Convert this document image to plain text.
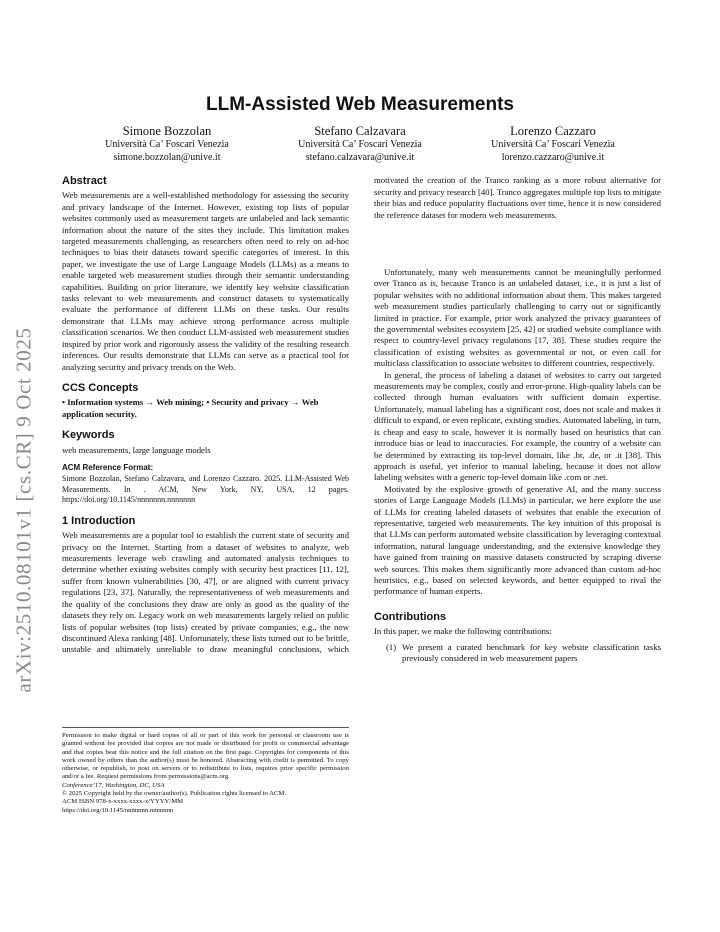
arXiv:2510.08101v1 [cs.CR] 9 Oct 2025
LLM-Assisted Web Measurements
Simone Bozzolan
Università Ca’ Foscari Venezia
simone.bozzolan@unive.it
Stefano Calzavara
Università Ca’ Foscari Venezia
stefano.calzavara@unive.it
Lorenzo Cazzaro
Università Ca’ Foscari Venezia
lorenzo.cazzaro@unive.it
Abstract

Web measurements are a well-established methodology for assessing the security and privacy landscape of the Internet. However, existing top lists of popular websites commonly used as measurement targets are unlabeled and lack semantic information about the nature of the sites they include. This limitation makes targeted measurements challenging, as researchers often need to rely on ad-hoc techniques to bias their datasets toward specific categories of interest. In this paper, we investigate the use of Large Language Models (LLMs) as a means to enable targeted web measurement studies through their semantic understanding capabilities. Building on prior literature, we identify key website classification tasks relevant to web measurements and construct datasets to systematically evaluate the performance of different LLMs on these tasks. Our results demonstrate that LLMs may achieve strong performance across multiple classification scenarios. We then conduct LLM-assisted web measurement studies inspired by prior work and rigorously assess the validity of the resulting research inferences. Our results demonstrate that LLMs can serve as a practical tool for analyzing security and privacy trends on the Web.

CCS Concepts

• Information systems → Web mining; • Security and privacy → Web application security.

Keywords

web measurements, large language models

ACM Reference Format:

Simone Bozzolan, Stefano Calzavara, and Lorenzo Cazzaro. 2025. LLM-Assisted Web Measurements. In . ACM, New York, NY, USA, 12 pages. https://doi.org/10.1145/nnnnnnn.nnnnnnn

1 Introduction

Web measurements are a popular tool to establish the current state of security and privacy on the Internet. Starting from a dataset of websites to analyze, web measurements leverage web crawling and automated analysis techniques to determine whether existing websites comply with security best practices [11, 12], suffer from known vulnerabilities [30, 47], or are aligned with current privacy regulations [23, 37]. Naturally, the representativeness of web measurements and the quality of the conclusions they draw are only as good as the quality of the datasets they rely on. Legacy work on web measurements largely relied on public lists of popular websites (top lists) created by private companies, e.g., the now discontinued Alexa ranking [48]. Unfortunately, these lists turned out to be brittle, unstable and ultimately unreliable to draw meaningful conclusions, which

Permission to make digital or hard copies of all or part of this work for personal or classroom use is granted without fee provided that copies are not made or distributed for profit or commercial advantage and that copies bear this notice and the full citation on the first page. Copyrights for components of this work owned by others than the author(s) must be honored. Abstracting with credit is permitted. To copy otherwise, or republish, to post on servers or to redistribute to lists, requires prior specific permission and/or a fee. Request permissions from permissions@acm.org.

Conference’17, Washington, DC, USA

© 2025 Copyright held by the owner/author(s). Publication rights licensed to ACM.

ACM ISBN 978-x-xxxx-xxxx-x/YYYY/MM

https://doi.org/10.1145/nnnnnnn.nnnnnnn

motivated the creation of the Tranco ranking as a more robust alternative for security and privacy research [40]. Tranco aggregates multiple top lists to mitigate their bias and reduce popularity fluctuations over time, hence it is now considered the reference dataset for modern web measurements.

Unfortunately, many web measurements cannot be meaningfully performed over Tranco as is, because Tranco is an unlabeled dataset, i.e., it is just a list of popular websites with no additional information about them. This makes targeted web measurement studies particularly challenging to carry out or significantly limited in practice. For example, prior work analyzed the privacy guarantees of the governmental websites ecosystem [25, 42] or studied website compliance with respect to country-level privacy regulations [17, 38]. These studies require the classification of existing websites as governmental or not, or even call for multiclass classification to associate websites to different countries, respectively.

In general, the process of labeling a dataset of websites to carry out targeted measurements may be complex, costly and error-prone. High-quality labels can be collected through human evaluators with sufficient domain expertise. Unfortunately, manual labeling has a significant cost, does not scale and makes it difficult to expand, or even replicate, existing studies. Automated labeling, in turn, is cheap and easy to scale, however it is normally based on heuristics that can introduce bias or lead to inaccuracies. For example, the country of a website can be determined by extracting its top-level domain, like .br, .de, or .it [38]. This approach is useful, yet inferior to manual labeling, because it does not allow labeling websites with a generic top-level domain like .com or .net.

Motivated by the explosive growth of generative AI, and the many success stories of Large Language Models (LLMs) in particular, we here explore the use of LLMs for creating labeled datasets of websites that enable the execution of representative, targeted web measurements. The key intuition of this proposal is that LLMs can perform automated website classification by leveraging contextual information, natural language understanding, and the extensive knowledge they have gained from training on massive datasets constructed by scraping diverse web sources. This makes them significantly more advanced than custom ad-hoc heuristics, e.g., based on selected keywords, and better equipped to rival the performance of human experts.

Contributions

In this paper, we make the following contributions:

(1) We present a curated benchmark for key website classification tasks previously considered in web measurement papers
